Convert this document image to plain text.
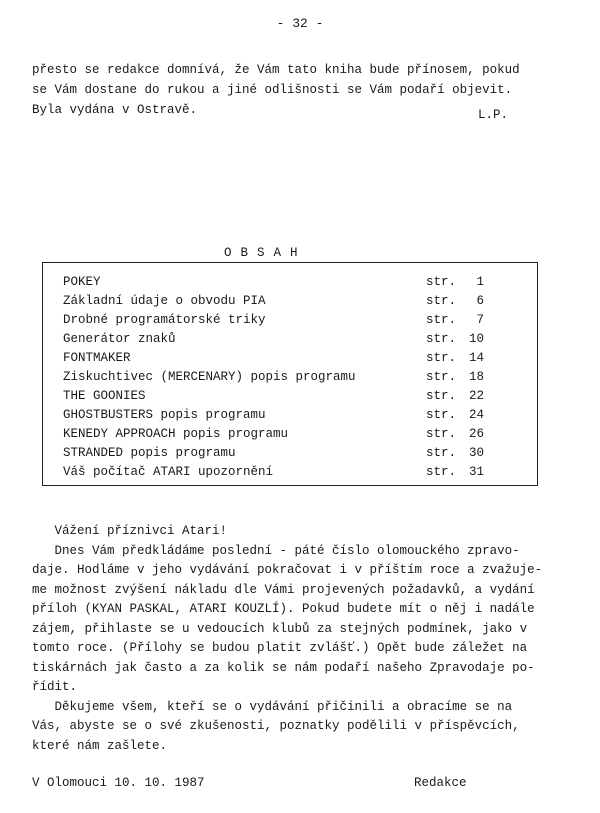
- 32 -
přesto se redakce domnívá, že Vám tato kniha bude přínosem, pokud
se Vám dostane do rukou a jiné odlišnosti se Vám podaří objevit.
Byla vydána v Ostravě.	L.P.
OBSAH
POKEY	str. 1
Základní údaje o obvodu PIA	str. 6
Drobné programátorské triky	str. 7
Generátor znaků	str. 10
FONTMAKER	str. 14
Ziskuchtivec (MERCENARY) popis programu	str. 18
THE GOONIES	str. 22
GHOSTBUSTERS popis programu	str. 24
KENEDY APPROACH popis programu	str. 26
STRANDED popis programu	str. 30
Váš počítač ATARI upozornění	str. 31
Vážení příznivci Atari!
Dnes Vám předkládáme poslední - páté číslo olomouckého zpravo-
daje. Hodláme v jeho vydávání pokračovat i v příštím roce a zvažuje-
me možnost zvýšení nákladu dle Vámi projevených požadavků, a vydání
příloh (KYAN PASKAL, ATARI KOUZLÍ). Pokud budete mít o něj i nadále
zájem, přihlaste se u vedoucích klubů za stejných podmínek, jako v
tomto roce. (Přílohy se budou platit zvlášť.) Opět bude záležet na
tiskárnách jak často a za kolik se nám podaří našeho Zpravodaje po-
řídit.
Děkujeme všem, kteří se o vydávání přičinili a obracíme se na
Vás, abyste se o své zkušenosti, poznatky podělili v příspěvcích,
které nám zašlete.
V Olomouci 10. 10. 1987	Redakce
